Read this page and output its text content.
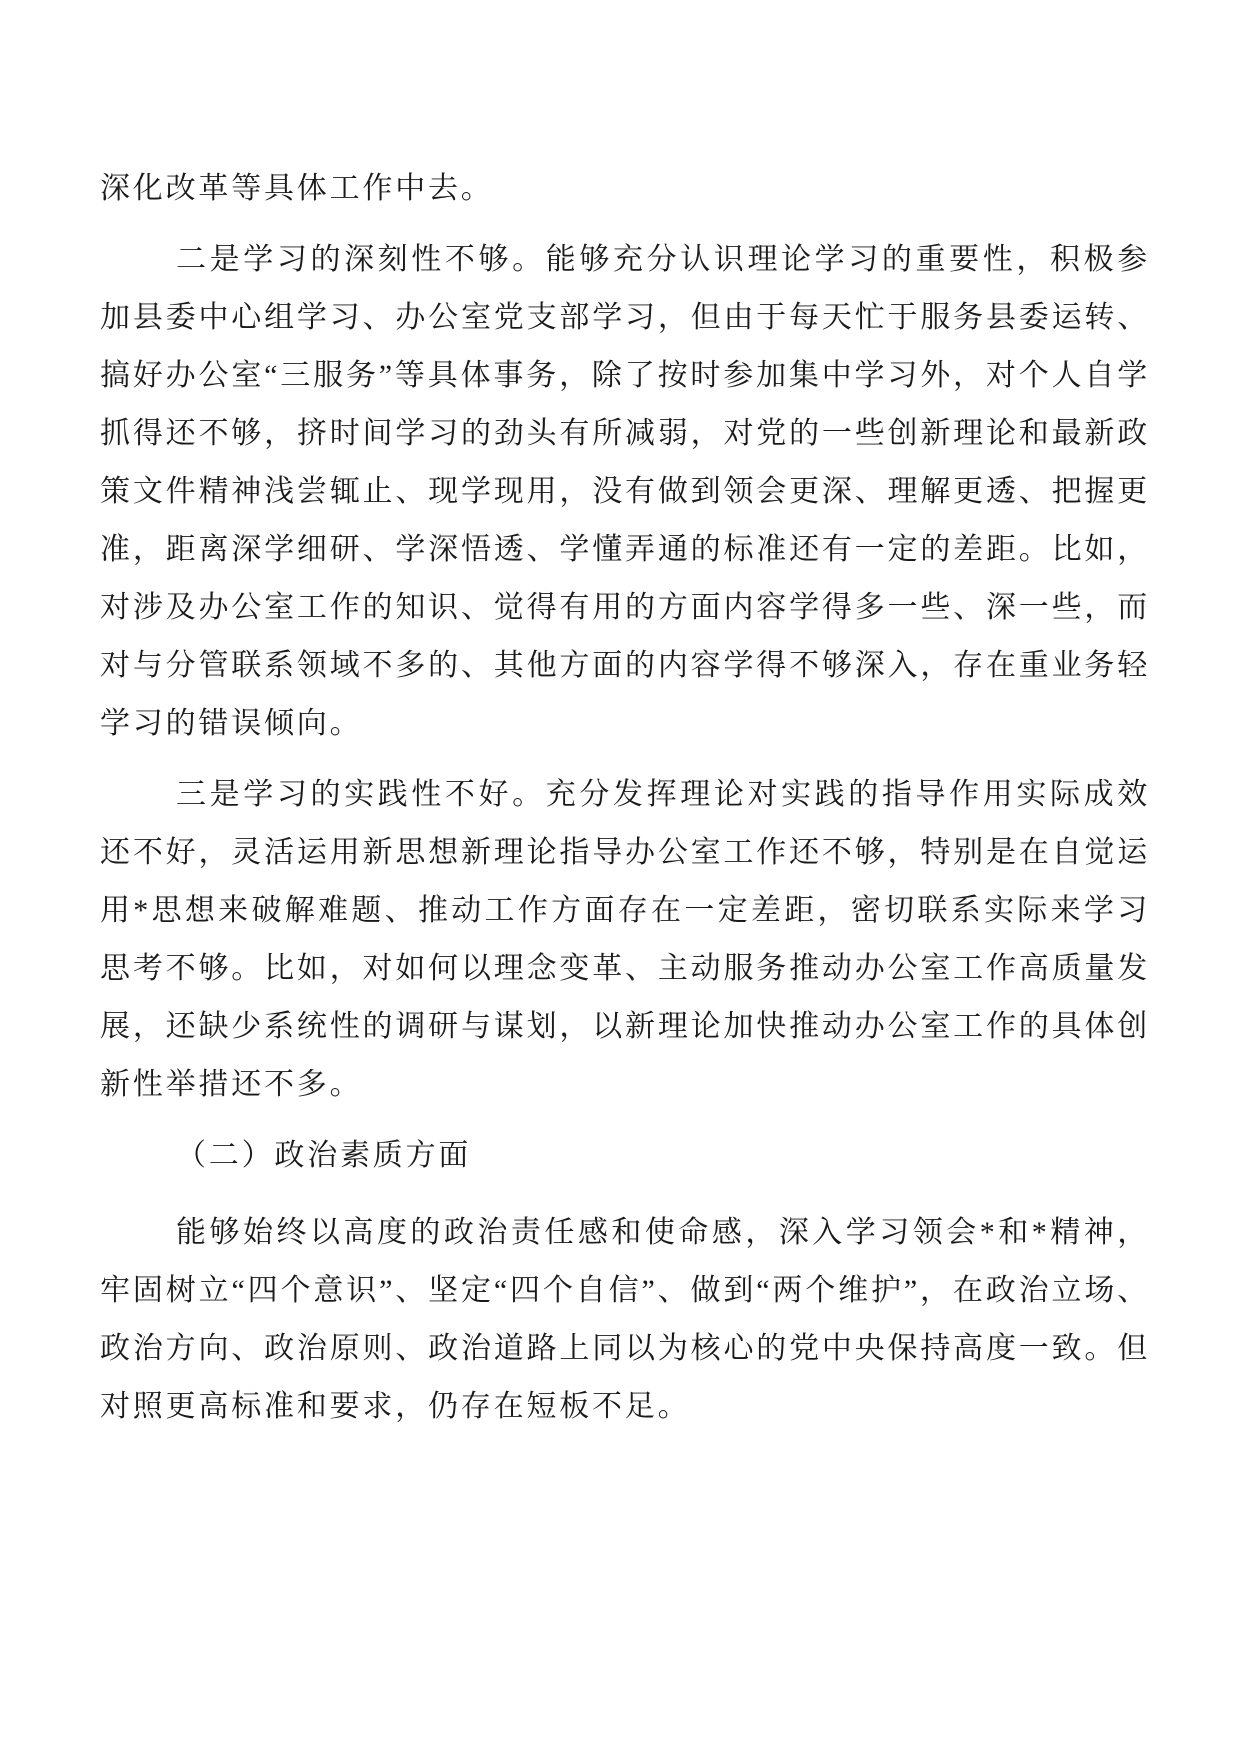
深化改革等具体工作中去。

二是学习的深刻性不够。能够充分认识理论学习的重要性，积极参加县委中心组学习、办公室党支部学习，但由于每天忙于服务县委运转、搞好办公室“三服务”等具体事务，除了按时参加集中学习外，对个人自学抓得还不够，挤时间学习的劲头有所减弱，对党的一些创新理论和最新政策文件精神浅尝辄止、现学现用，没有做到领会更深、理解更透、把握更准，距离深学细研、学深悟透、学懂弄通的标准还有一定的差距。比如，对涉及办公室工作的知识、觉得有用的方面内容学得多一些、深一些，而对与分管联系领域不多的、其他方面的内容学得不够深入，存在重业务轻学习的错误倾向。

三是学习的实践性不好。充分发挥理论对实践的指导作用实际成效还不好，灵活运用新思想新理论指导办公室工作还不够，特别是在自觉运用*思想来破解难题、推动工作方面存在一定差距，密切联系实际来学习思考不够。比如，对如何以理念变革、主动服务推动办公室工作高质量发展，还缺少系统性的调研与谋划，以新理论加快推动办公室工作的具体创新性举措还不多。

（二）政治素质方面

能够始终以高度的政治责任感和使命感，深入学习领会*和*精神，牢固树立“四个意识”、坚定“四个自信”、做到“两个维护”，在政治立场、政治方向、政治原则、政治道路上同以为核心的党中央保持高度一致。但对照更高标准和要求，仍存在短板不足。
